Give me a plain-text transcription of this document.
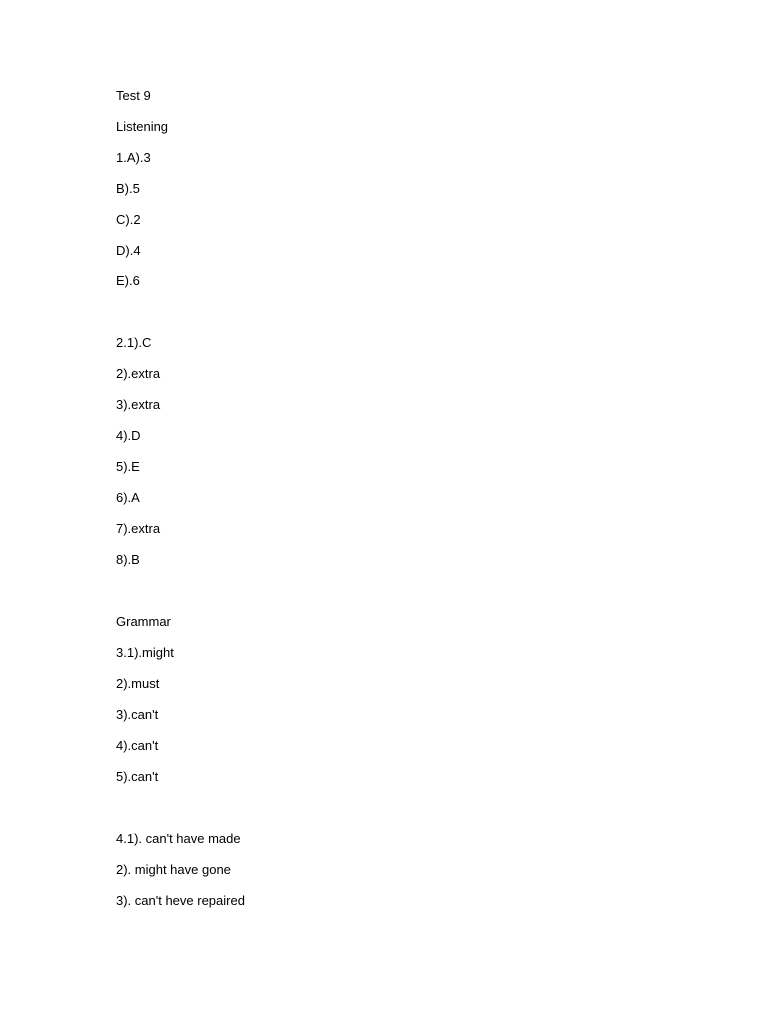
Test 9
Listening
1.A).3
B).5
C).2
D).4
E).6
2.1).C
2).extra
3).extra
4).D
5).E
6).A
7).extra
8).B
Grammar
3.1).might
2).must
3).can't
4).can't
5).can't
4.1). can't have made
2). might have gone
3). can't heve repaired
